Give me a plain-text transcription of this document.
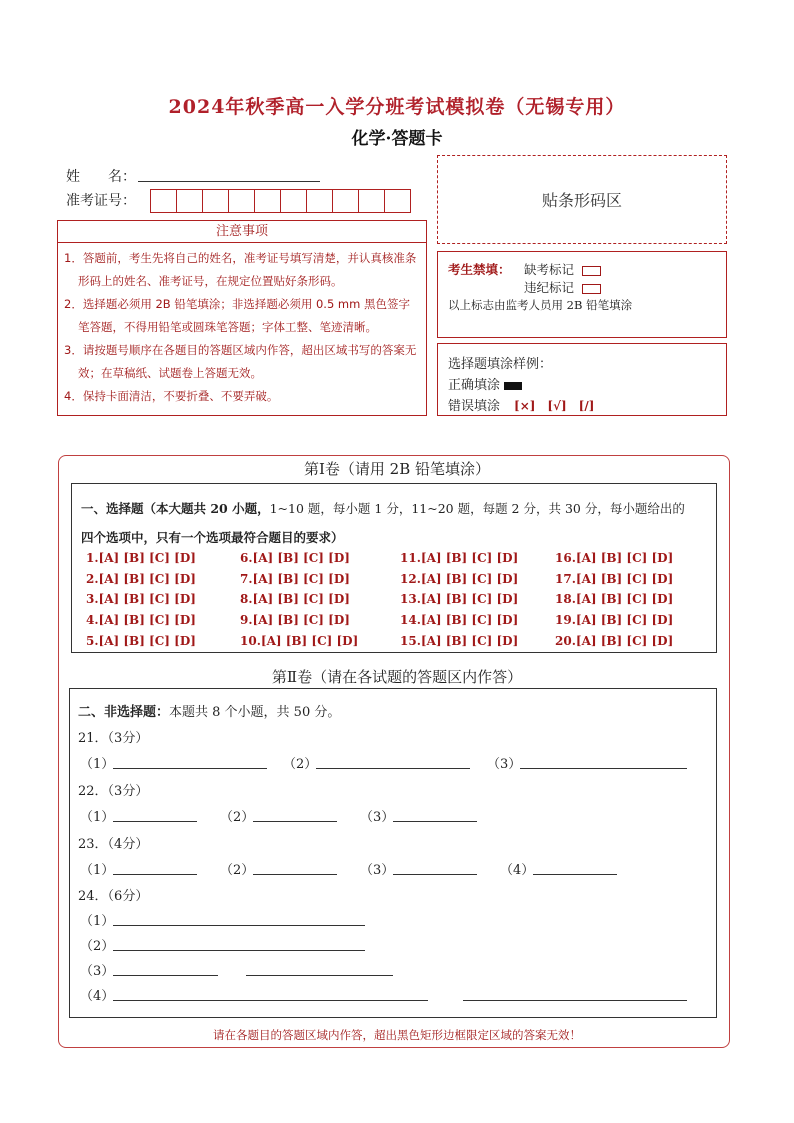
2024年秋季高一入学分班考试模拟卷（无锡专用）
化学·答题卡
姓　　名：
准考证号：	贴条形码区
注意事项
1．答题前，考生先将自己的姓名，准考证号填写清楚，并认真核准条形码上的姓名、准考证号，在规定位置贴好条形码。
2．选择题必须用 2B 铅笔填涂；非选择题必须用 0.5 mm 黑色签字笔答题，不得用铅笔或圆珠笔答题；字体工整、笔迹清晰。
3．请按题号顺序在各题目的答题区域内作答，超出区域书写的答案无效；在草稿纸、试题卷上答题无效。
4．保持卡面清洁，不要折叠、不要弄破。
考生禁填： 缺考标记
违纪标记
以上标志由监考人员用 2B 铅笔填涂
选择题填涂样例：
正确填涂
错误填涂 [×]　[√]　[/]
第Ⅰ卷（请用 2B 铅笔填涂）
一、选择题（本大题共 20 小题，1~10 题，每小题 1 分，11~20 题，每题 2 分，共 30 分，每小题给出的
四个选项中，只有一个选项最符合题目的要求）
1.[A] [B] [C] [D]
2.[A] [B] [C] [D]
3.[A] [B] [C] [D]
4.[A] [B] [C] [D]
5.[A] [B] [C] [D]
6.[A] [B] [C] [D]
7.[A] [B] [C] [D]
8.[A] [B] [C] [D]
9.[A] [B] [C] [D]
10.[A] [B] [C] [D]
11.[A] [B] [C] [D]
12.[A] [B] [C] [D]
13.[A] [B] [C] [D]
14.[A] [B] [C] [D]
15.[A] [B] [C] [D]
16.[A] [B] [C] [D]
17.[A] [B] [C] [D]
18.[A] [B] [C] [D]
19.[A] [B] [C] [D]
20.[A] [B] [C] [D]
第Ⅱ卷（请在各试题的答题区内作答）
二、非选择题：本题共 8 个小题，共 50 分。
21．（3分）
（1）	（2）	（3）
22．（3分）
（1）	（2）	（3）
23．（4分）
（1）	（2）	（3）	（4）
24．（6分）
（1）
（2）
（3）
（4）
请在各题目的答题区域内作答，超出黑色矩形边框限定区域的答案无效！
